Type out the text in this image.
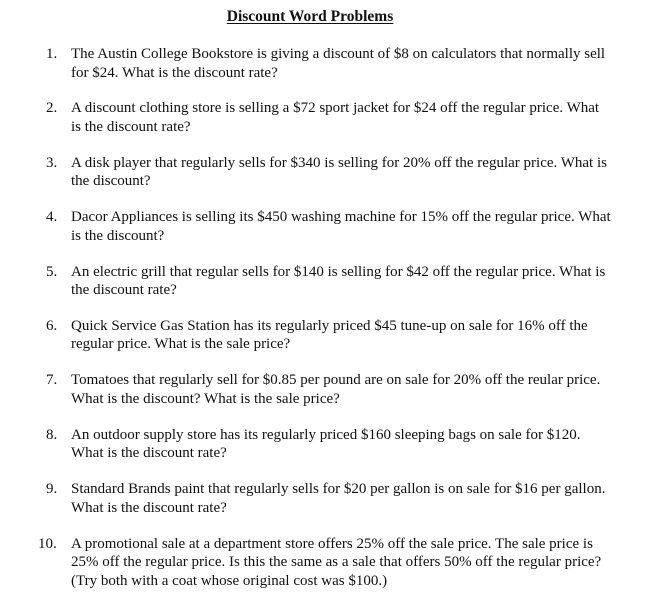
Discount Word Problems
1. The Austin College Bookstore is giving a discount of $8 on calculators that normally sell for $24. What is the discount rate?
2. A discount clothing store is selling a $72 sport jacket for $24 off the regular price. What is the discount rate?
3. A disk player that regularly sells for $340 is selling for 20% off the regular price. What is the discount?
4. Dacor Appliances is selling its $450 washing machine for 15% off the regular price. What is the discount?
5. An electric grill that regular sells for $140 is selling for $42 off the regular price. What is the discount rate?
6. Quick Service Gas Station has its regularly priced $45 tune-up on sale for 16% off the regular price. What is the sale price?
7. Tomatoes that regularly sell for $0.85 per pound are on sale for 20% off the reular price. What is the discount? What is the sale price?
8. An outdoor supply store has its regularly priced $160 sleeping bags on sale for $120. What is the discount rate?
9. Standard Brands paint that regularly sells for $20 per gallon is on sale for $16 per gallon. What is the discount rate?
10. A promotional sale at a department store offers 25% off the sale price. The sale price is 25% off the regular price. Is this the same as a sale that offers 50% off the regular price? (Try both with a coat whose original cost was $100.)
